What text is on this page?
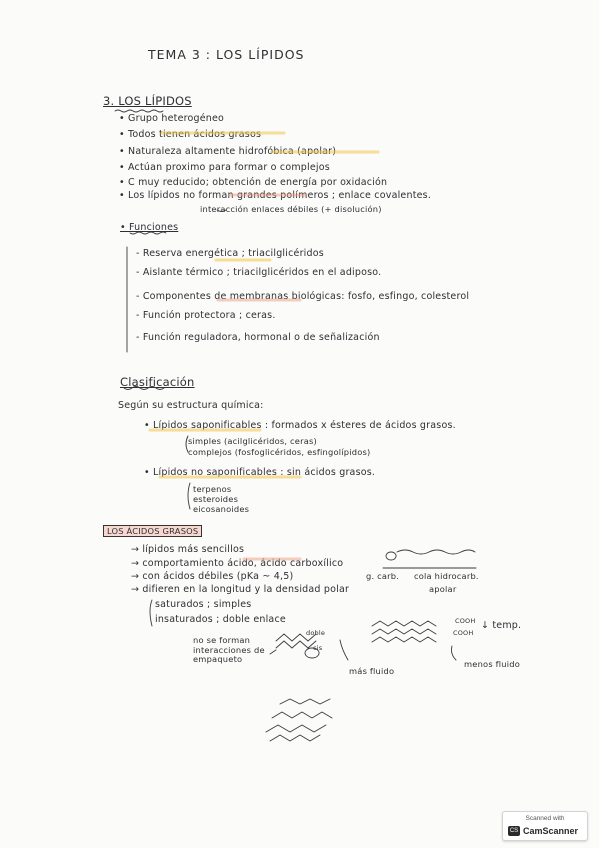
TEMA 3 : LOS LÍPIDOS
3. LOS LÍPIDOS
• Grupo heterogéneo
• Todos tienen ácidos grasos
• Naturaleza altamente hidrofóbica (apolar)
• Actúan proximo para formar o complejos
• C muy reducido; obtención de energía por oxidación
• Los lípidos no forman grandes polímeros ; enlace covalentes.
interacción enlaces débiles (+ disolución)
• Funciones
- Reserva energética ; triacilglicéridos
- Aislante térmico ; triacilglicéridos en el adiposo.
- Componentes de membranas biológicas: fosfo, esfingo, colesterol
- Función protectora ; ceras.
- Función reguladora, hormonal o de señalización
Clasificación
Según su estructura química:
• Lípidos saponificables : formados x ésteres de ácidos grasos.
simples (acilglicéridos, ceras)
complejos (fosfoglicéridos, esfingolípidos)
• Lípidos no saponificables : sin ácidos grasos.
terpenos
esteroides
eicosanoides
LOS ÁCIDOS GRASOS
→ lípidos más sencillos
→ comportamiento ácido, ácido carboxílico
→ con ácidos débiles (pKa ~ 4,5)
→ difieren en la longitud y la densidad polar
g. carb. cola hidrocarb.
apolar
saturados ; simples
insaturados ; doble enlace
no se forman interacciones de empaqueto
doble
cis
más fluido
menos fluido
COOH
COOH
↓ temp.
Scanned with
CS CamScanner
